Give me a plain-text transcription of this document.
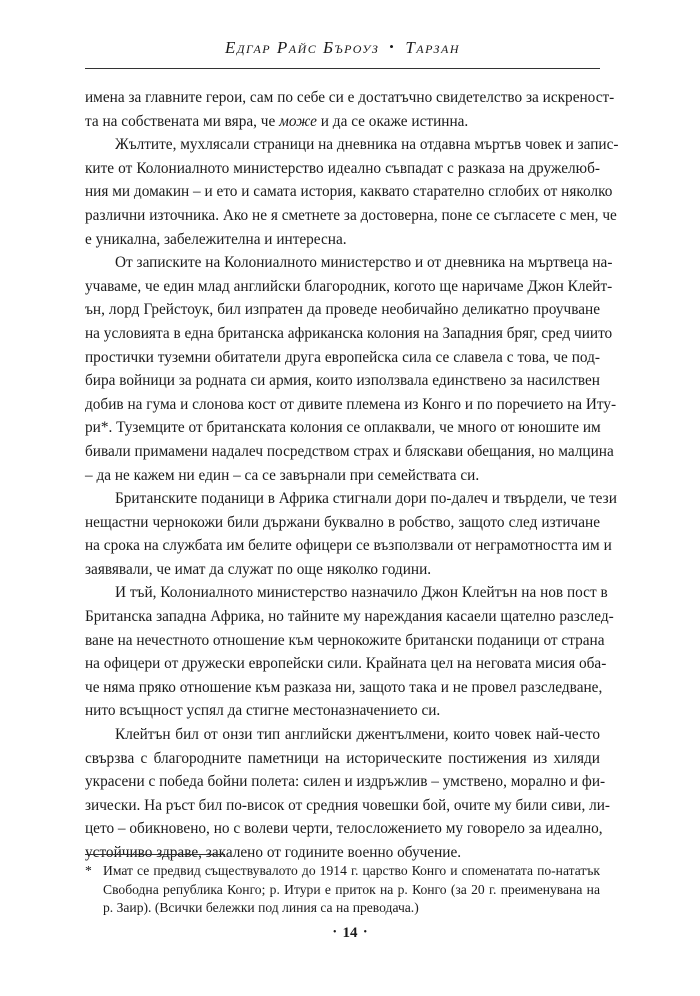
Едгар Райс Бъроуз • Тарзан

имена за главните герои, сам по себе си е достатъчно свидетелство за искреност-
та на собствената ми вяра, че може и да се окаже истинна.

Жълтите, мухлясали страници на дневника на отдавна мъртъв човек и запис-
ките от Колониалното министерство идеално съвпадат с разказа на дружелюб-
ния ми домакин – и ето и самата история, каквато старателно сглобих от няколко
различни източника. Ако не я сметнете за достоверна, поне се съгласете с мен, че
е уникална, забележителна и интересна.

От записките на Колониалното министерство и от дневника на мъртвеца на-
учаваме, че един млад английски благородник, когото ще наричаме Джон Клейт-
ън, лорд Грейстоук, бил изпратен да проведе необичайно деликатно проучване
на условията в една британска африканска колония на Западния бряг, сред чиито
простички туземни обитатели друга европейска сила се славела с това, че под-
бира войници за родната си армия, които използвала единствено за насилствен
добив на гума и слонова кост от дивите племена из Конго и по поречието на Иту-
ри*. Туземците от британската колония се оплаквали, че много от юношите им
бивали примамени надалеч посредством страх и бляскави обещания, но малцина
– да не кажем ни един – са се завърнали при семействата си.

Британските поданици в Африка стигнали дори по-далеч и твърдели, че тези
нещастни чернокожи били държани буквално в робство, защото след изтичане
на срока на службата им белите офицери се възползвали от неграмотността им и
заявявали, че имат да служат по още няколко години.

И тъй, Колониалното министерство назначило Джон Клейтън на нов пост в
Британска западна Африка, но тайните му нареждания касаели щателно разслед-
ване на нечестното отношение към чернокожите британски поданици от страна
на офицери от дружески европейски сили. Крайната цел на неговата мисия оба-
че няма пряко отношение към разказа ни, защото така и не провел разследване,
нито всъщност успял да стигне местоназначението си.

Клейтън бил от онзи тип английски джентълмени, които човек най-често
свързва с благородните паметници на историческите постижения из хиляди
украсени с победа бойни полета: силен и издръжлив – умствено, морално и фи-
зически. На ръст бил по-висок от средния човешки бой, очите му били сиви, ли-
цето – обикновено, но с волеви черти, телосложението му говорело за идеално,
устойчиво здраве, закалено от годините военно обучение.

* Имат се предвид съществувалото до 1914 г. царство Конго и споменатата по-нататък
Свободна република Конго; р. Итури е приток на р. Конго (за 20 г. преименувана на
р. Заир). (Всички бележки под линия са на преводача.)
• 14 •
